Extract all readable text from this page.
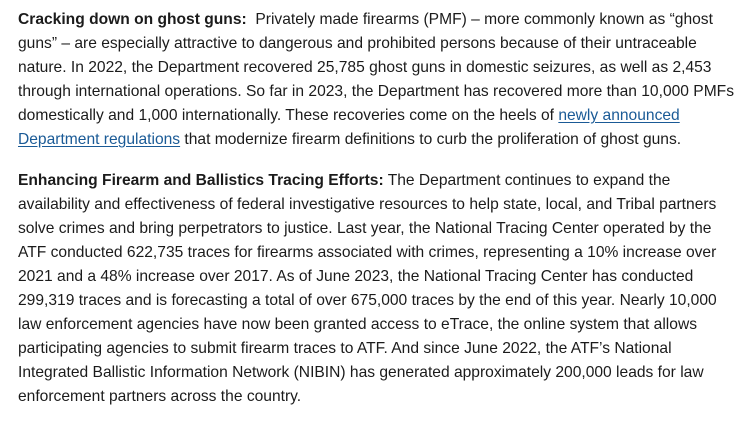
Cracking down on ghost guns:  Privately made firearms (PMF) – more commonly known as “ghost guns” – are especially attractive to dangerous and prohibited persons because of their untraceable nature. In 2022, the Department recovered 25,785 ghost guns in domestic seizures, as well as 2,453 through international operations. So far in 2023, the Department has recovered more than 10,000 PMFs domestically and 1,000 internationally. These recoveries come on the heels of newly announced Department regulations that modernize firearm definitions to curb the proliferation of ghost guns.

Enhancing Firearm and Ballistics Tracing Efforts: The Department continues to expand the availability and effectiveness of federal investigative resources to help state, local, and Tribal partners solve crimes and bring perpetrators to justice. Last year, the National Tracing Center operated by the ATF conducted 622,735 traces for firearms associated with crimes, representing a 10% increase over 2021 and a 48% increase over 2017. As of June 2023, the National Tracing Center has conducted 299,319 traces and is forecasting a total of over 675,000 traces by the end of this year. Nearly 10,000 law enforcement agencies have now been granted access to eTrace, the online system that allows participating agencies to submit firearm traces to ATF. And since June 2022, the ATF’s National Integrated Ballistic Information Network (NIBIN) has generated approximately 200,000 leads for law enforcement partners across the country.
